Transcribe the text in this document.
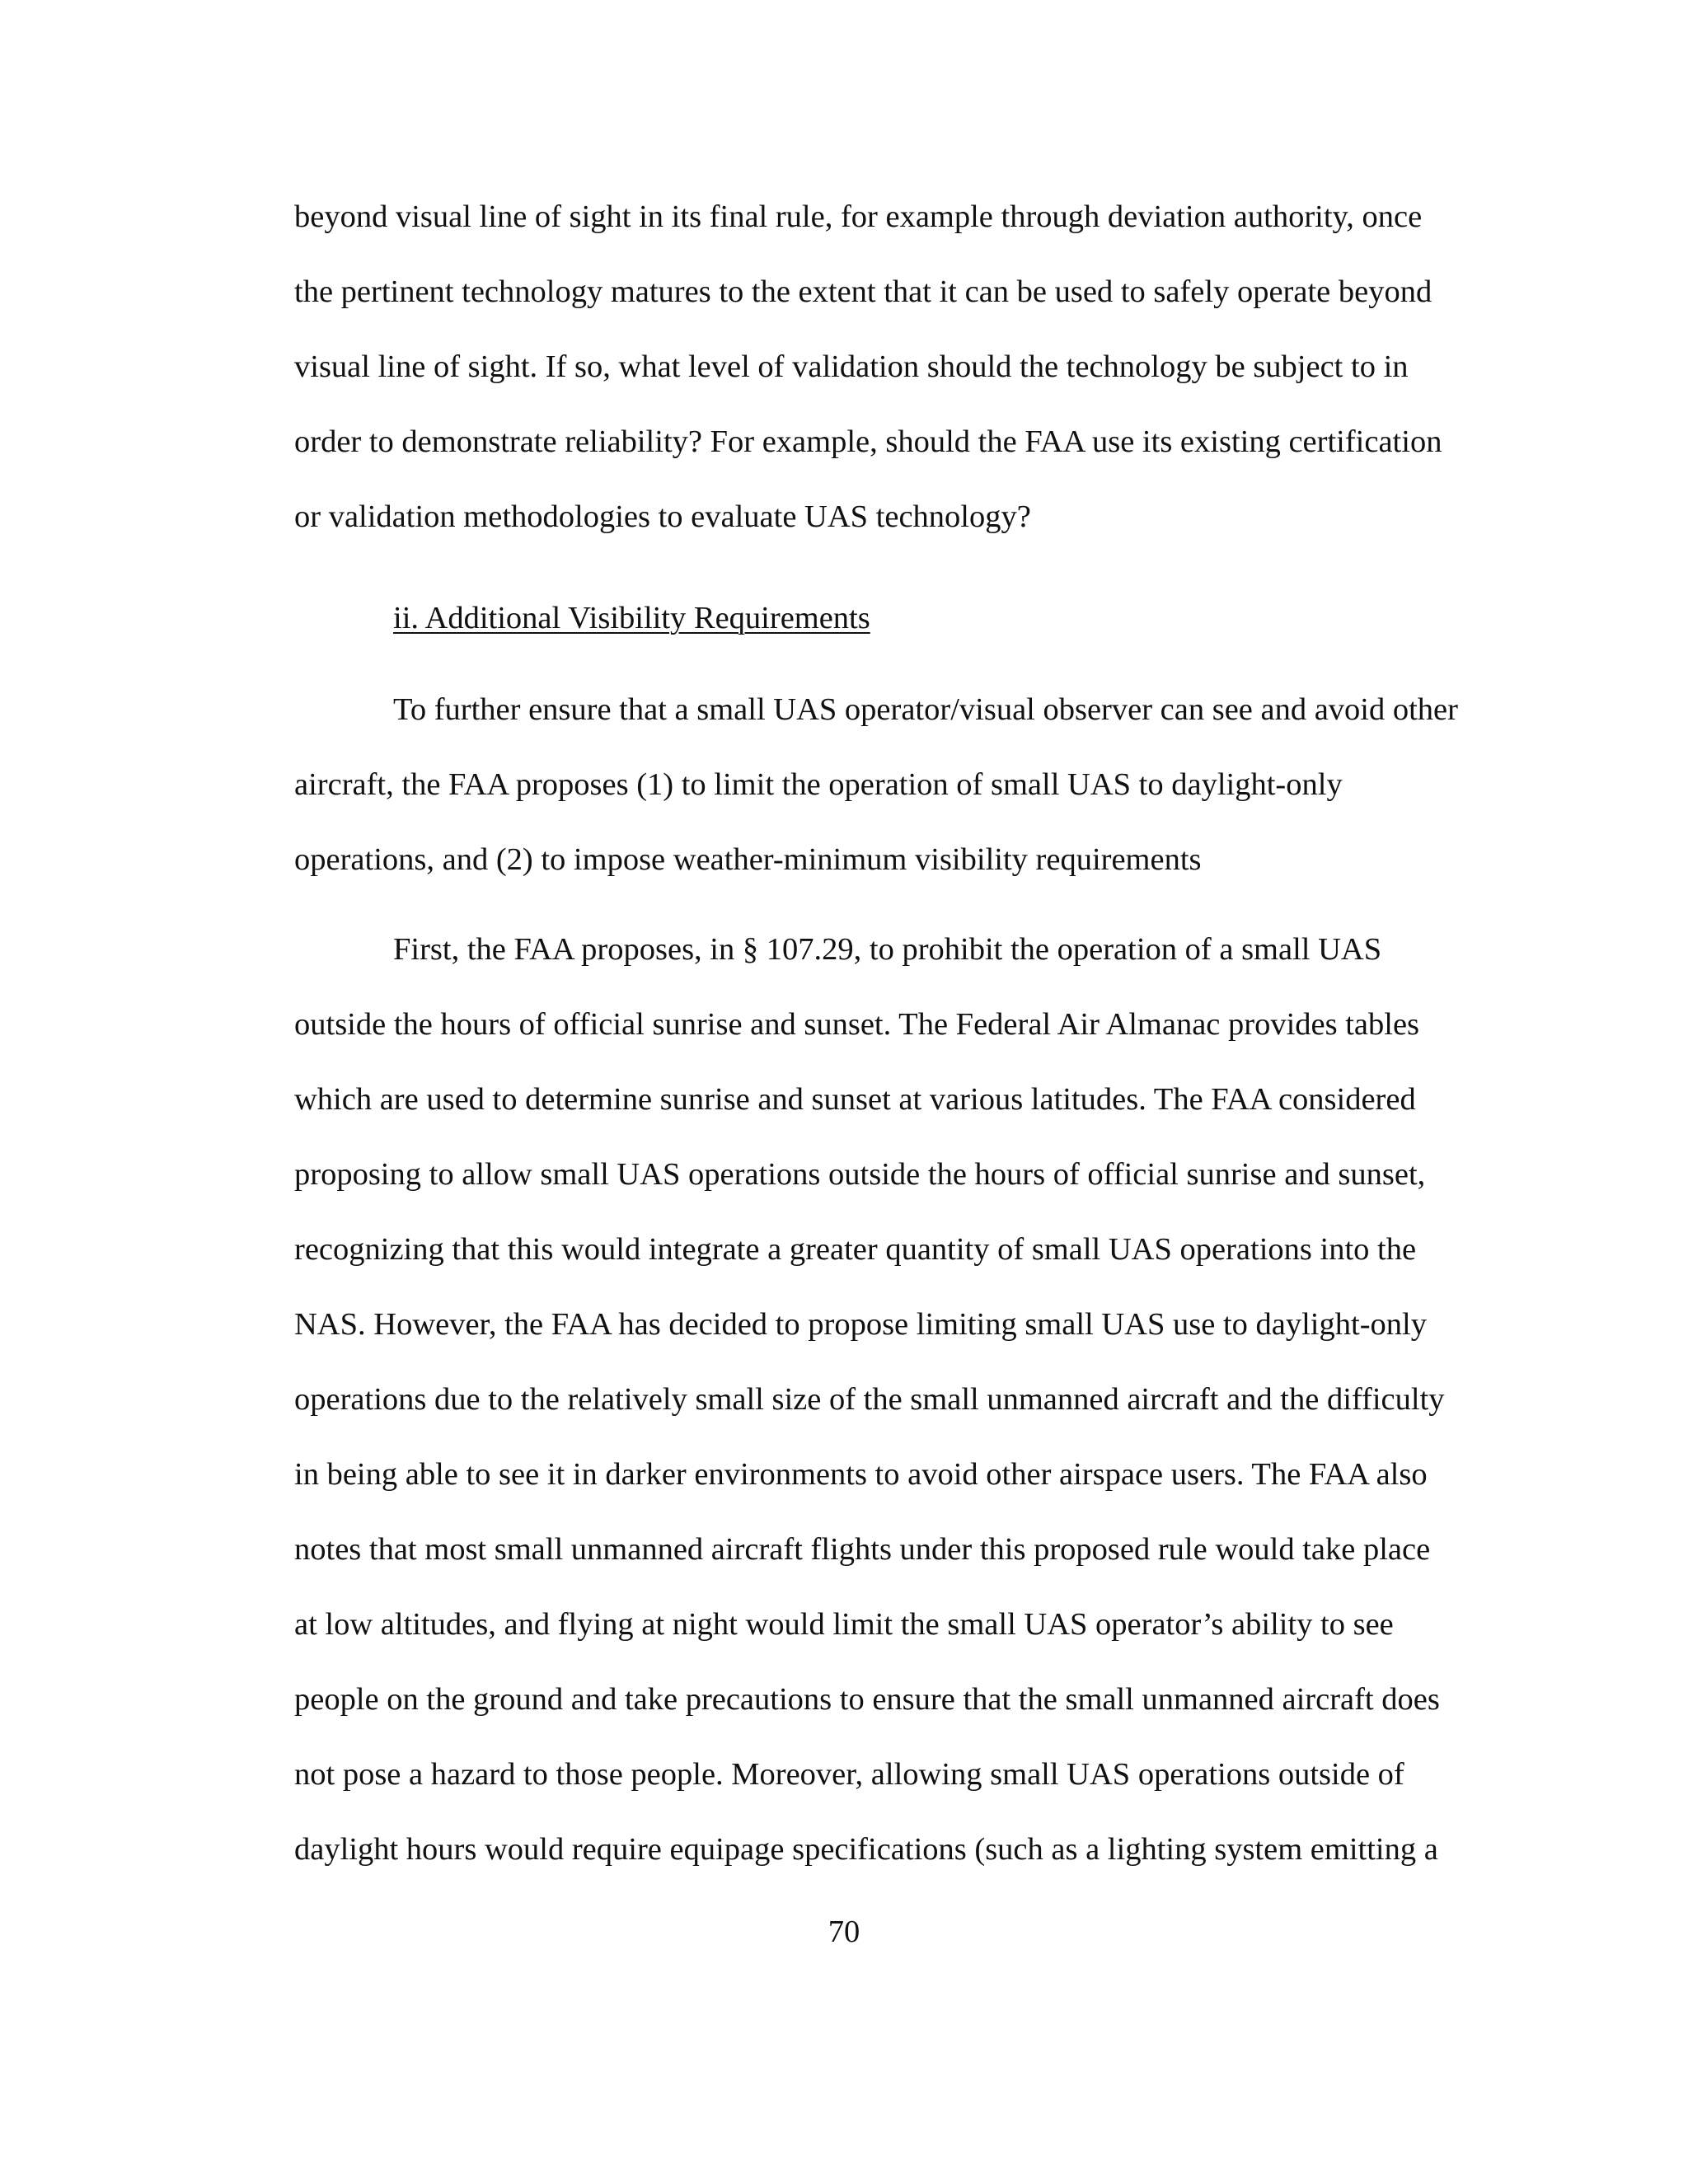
beyond visual line of sight in its final rule, for example through deviation authority, once
the pertinent technology matures to the extent that it can be used to safely operate beyond
visual line of sight. If so, what level of validation should the technology be subject to in
order to demonstrate reliability? For example, should the FAA use its existing certification
or validation methodologies to evaluate UAS technology?
ii. Additional Visibility Requirements
To further ensure that a small UAS operator/visual observer can see and avoid other
aircraft, the FAA proposes (1) to limit the operation of small UAS to daylight-only
operations, and (2) to impose weather-minimum visibility requirements
First, the FAA proposes, in § 107.29, to prohibit the operation of a small UAS
outside the hours of official sunrise and sunset. The Federal Air Almanac provides tables
which are used to determine sunrise and sunset at various latitudes. The FAA considered
proposing to allow small UAS operations outside the hours of official sunrise and sunset,
recognizing that this would integrate a greater quantity of small UAS operations into the
NAS. However, the FAA has decided to propose limiting small UAS use to daylight-only
operations due to the relatively small size of the small unmanned aircraft and the difficulty
in being able to see it in darker environments to avoid other airspace users. The FAA also
notes that most small unmanned aircraft flights under this proposed rule would take place
at low altitudes, and flying at night would limit the small UAS operator’s ability to see
people on the ground and take precautions to ensure that the small unmanned aircraft does
not pose a hazard to those people. Moreover, allowing small UAS operations outside of
daylight hours would require equipage specifications (such as a lighting system emitting a
70
